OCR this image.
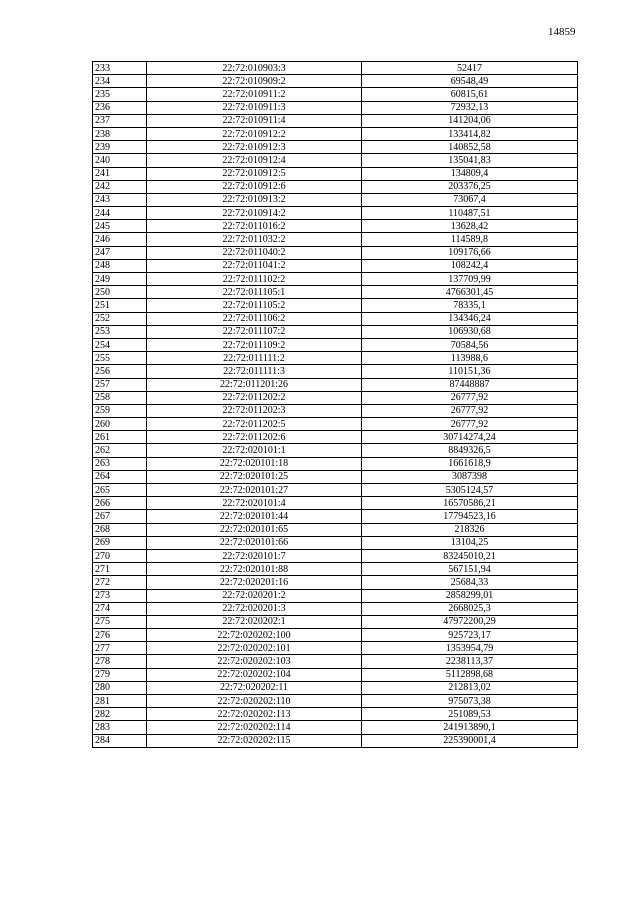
14859
233	22:72:010903:3	52417
234	22:72:010909:2	69548,49
235	22:72:010911:2	60815,61
236	22:72:010911:3	72932,13
237	22:72:010911:4	141204,06
238	22:72:010912:2	133414,82
239	22:72:010912:3	140852,58
240	22:72:010912:4	135041,83
241	22:72:010912:5	134809,4
242	22:72:010912:6	203376,25
243	22:72:010913:2	73067,4
244	22:72:010914:2	110487,51
245	22:72:011016:2	13628,42
246	22:72:011032:2	114589,8
247	22:72:011040:2	109176,66
248	22:72:011041:2	108242,4
249	22:72:011102:2	137709,99
250	22:72:011105:1	4766301,45
251	22:72:011105:2	78335,1
252	22:72:011106:2	134346,24
253	22:72:011107:2	106930,68
254	22:72:011109:2	70584,56
255	22:72:011111:2	113988,6
256	22:72:011111:3	110151,36
257	22:72:011201:26	87448887
258	22:72:011202:2	26777,92
259	22:72:011202:3	26777,92
260	22:72:011202:5	26777,92
261	22:72:011202:6	30714274,24
262	22:72:020101:1	8849326,5
263	22:72:020101:18	1661618,9
264	22:72:020101:25	3087398
265	22:72:020101:27	5305124,57
266	22:72:020101:4	16570586,21
267	22:72:020101:44	17794523,16
268	22:72:020101:65	218326
269	22:72:020101:66	13104,25
270	22:72:020101:7	83245010,21
271	22:72:020101:88	567151,94
272	22:72:020201:16	25684,33
273	22:72:020201:2	2858299,01
274	22:72:020201:3	2668025,3
275	22:72:020202:1	47972200,29
276	22:72:020202:100	925723,17
277	22:72:020202:101	1353954,79
278	22:72:020202:103	2238113,37
279	22:72:020202:104	5112898,68
280	22:72:020202:11	212813,02
281	22:72:020202:110	975073,38
282	22:72:020202:113	251089,53
283	22:72:020202:114	241913890,1
284	22:72:020202:115	225390001,4
